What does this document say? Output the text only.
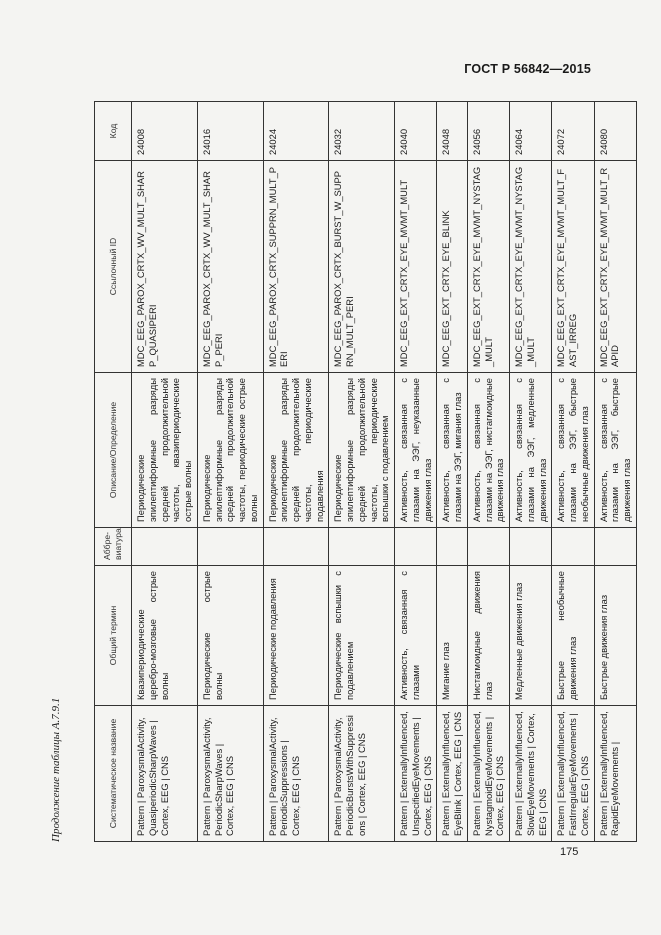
ГОСТ Р 56842—2015
Продолжение таблицы А.7.9.1	Систематическое название	Общий термин	Аббре-виатура	Описание/Определение	Ссылочный ID	Код
Pattern | ParoxysmalActivity, QuasiperiodicSharpWaves | Cortex, EEG | CNS	Квазипериодические церебро-мозговые острые волны		Периодические эпилептиформные разряды средней продолжительной частоты, квазипериодические острые волны	MDC_EEG_PAROX_CRTX_WV_MULT_SHARP_QUASIPERI	24008
Pattern | ParoxysmalActivity, PeriodicSharpWaves | Cortex, EEG | CNS	Периодические острые волны		Периодические эпилептиформные разряды средней продолжительной частоты, периодические острые волны	MDC_EEG_PAROX_CRTX_WV_MULT_SHARP_PERI	24016
Pattern | ParoxysmalActivity, PeriodicSuppressions | Cortex, EEG | CNS	Периодические подавления		Периодические эпилептиформные разряды средней продолжительной частоты, периодические подавления	MDC_EEG_PAROX_CRTX_SUPPRN_MULT_PERI	24024
Pattern | ParoxysmalActivity, PeriodicBurstsWithSuppressions | Cortex, EEG | CNS	Периодические вспышки с подавлением		Периодические эпилептиформные разряды средней продолжительной частоты, периодические вспышки с подавлением	MDC_EEG_PAROX_CRTX_BURST_W_SUPPRN_MULT_PERI	24032
Pattern | ExternallyInfluenced, UnspecifiedEyeMovements | Cortex, EEG | CNS	Активность, связанная с глазами		Активность, связанная с глазами на ЭЭГ, неуказанные движения глаз	MDC_EEG_EXT_CRTX_EYE_MVMT_MULT	24040
Pattern | ExternallyInfluenced, EyeBlink | Cortex, EEG | CNS	Мигание глаз		Активность, связанная с глазами на ЭЭГ, мигания глаз	MDC_EEG_EXT_CRTX_EYE_BLINK	24048
Pattern | ExternallyInfluenced, NystagmoidEyeMovements | Cortex, EEG | CNS	Нистагмоидные движения глаз		Активность, связанная с глазами на ЭЭГ, нистагмоидные движения глаз	MDC_EEG_EXT_CRTX_EYE_MVMT_NYSTAG_MULT	24056
Pattern | ExternallyInfluenced, SlowEyeMovements | Cortex, EEG | CNS	Медленные движения глаз		Активность, связанная с глазами на ЭЭГ, медленные движения глаз	MDC_EEG_EXT_CRTX_EYE_MVMT_NYSTAG_MULT	24064
Pattern | ExternallyInfluenced, FastIrregularEyeMovements | Cortex, EEG | CNS	Быстрые необычные движения глаз		Активность, связанная с глазами на ЭЭГ, быстрые необычные движения глаз	MDC_EEG_EXT_CRTX_EYE_MVMT_MULT_FAST_IRREG	24072
Pattern | ExternallyInfluenced, RapidEyeMovements |	Быстрые движения глаз		Активность, связанная с глазами на ЭЭГ, быстрые движения глаз	MDC_EEG_EXT_CRTX_EYE_MVMT_MULT_RAPID	24080
175
